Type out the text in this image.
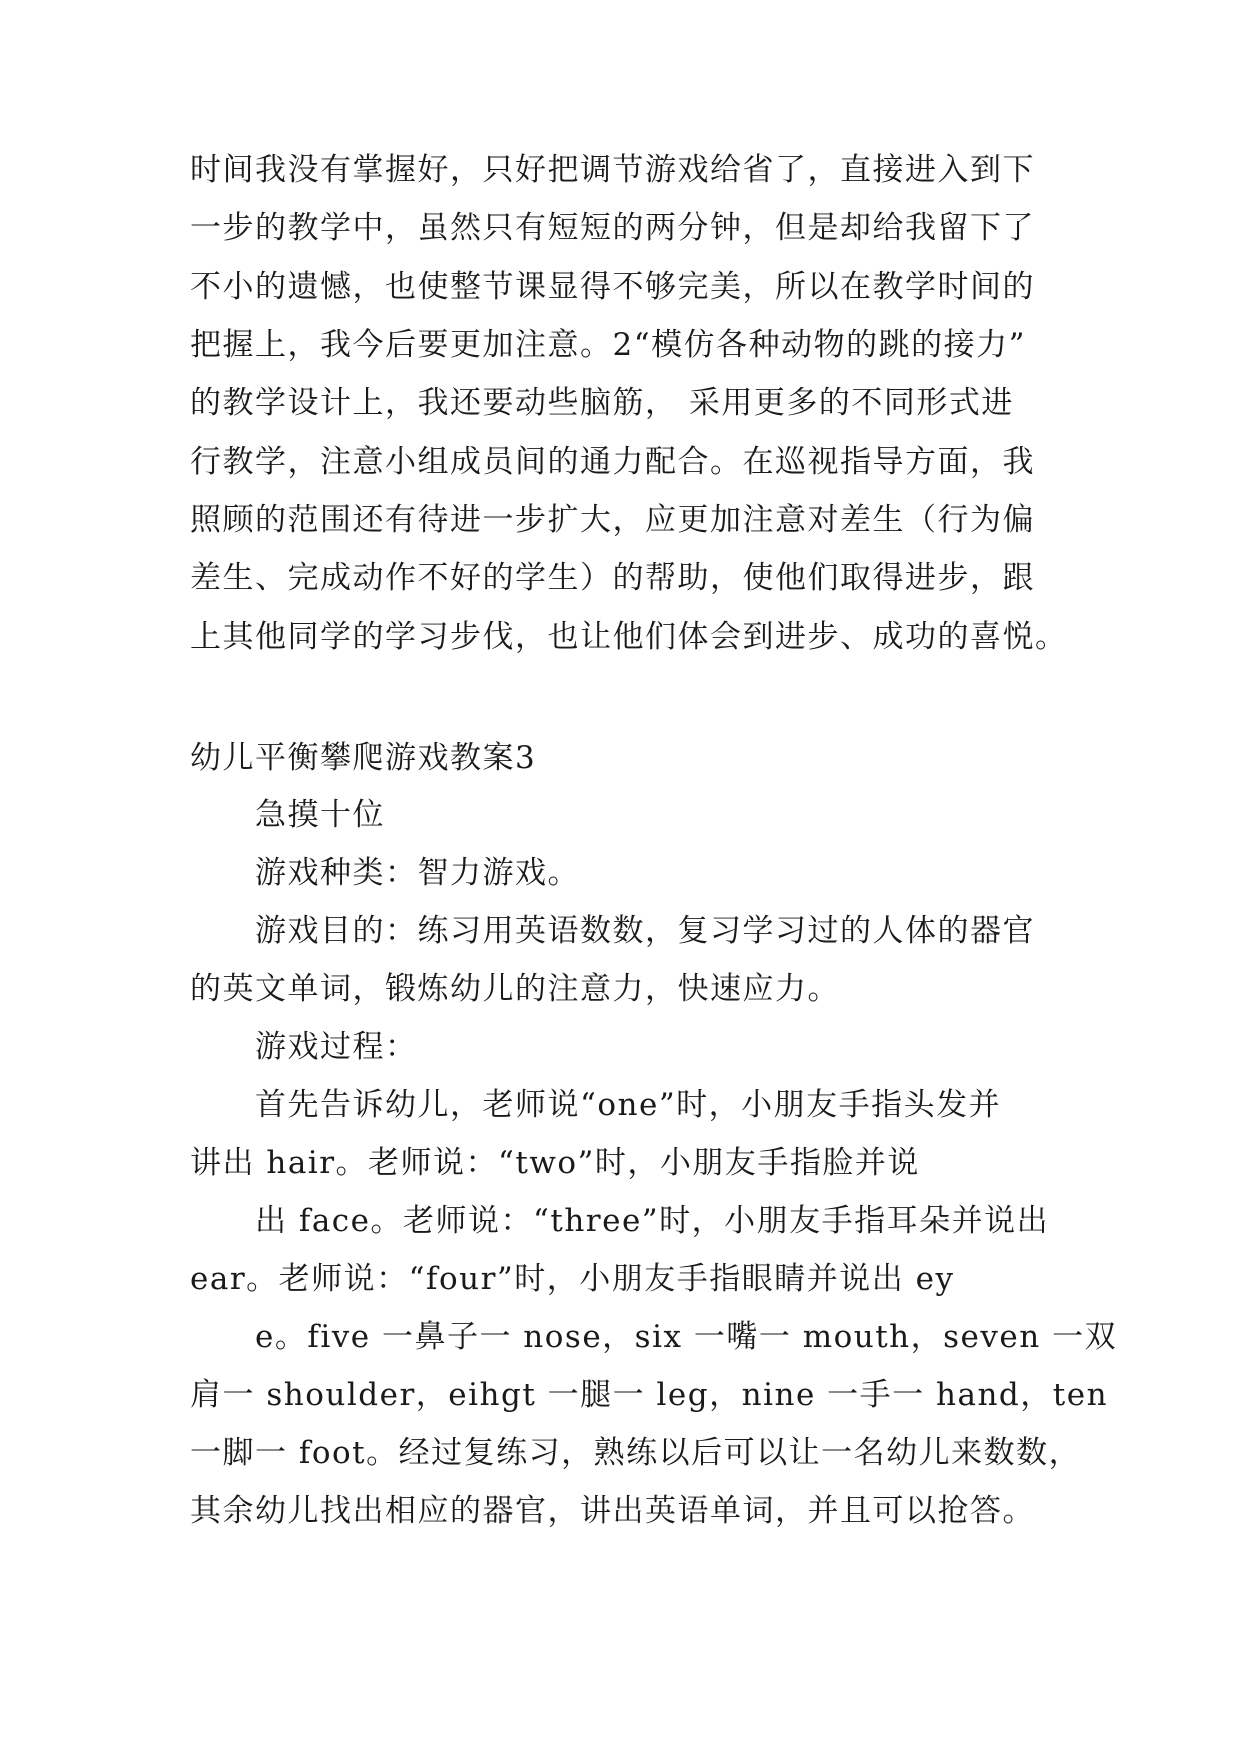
时间我没有掌握好，只好把调节游戏给省了，直接进入到下
一步的教学中，虽然只有短短的两分钟，但是却给我留下了
不小的遗憾，也使整节课显得不够完美，所以在教学时间的
把握上，我今后要更加注意。2“模仿各种动物的跳的接力”
的教学设计上，我还要动些脑筋， 采用更多的不同形式进
行教学，注意小组成员间的通力配合。在巡视指导方面，我
照顾的范围还有待进一步扩大，应更加注意对差生（行为偏
差生、完成动作不好的学生）的帮助，使他们取得进步，跟
上其他同学的学习步伐，也让他们体会到进步、成功的喜悦。
幼儿平衡攀爬游戏教案3
急摸十位
游戏种类：智力游戏。
游戏目的：练习用英语数数，复习学习过的人体的器官
的英文单词，锻炼幼儿的注意力，快速应力。
游戏过程：
首先告诉幼儿，老师说“one”时，小朋友手指头发并
讲出 hair。老师说：“two”时，小朋友手指脸并说
出 face。老师说：“three”时，小朋友手指耳朵并说出
ear。老师说：“four”时，小朋友手指眼睛并说出 ey
e。five 一鼻子一 nose，six 一嘴一 mouth，seven 一双
肩一 shoulder，eihgt 一腿一 leg，nine 一手一 hand，ten
一脚一 foot。经过复练习，熟练以后可以让一名幼儿来数数，
其余幼儿找出相应的器官，讲出英语单词，并且可以抢答。
